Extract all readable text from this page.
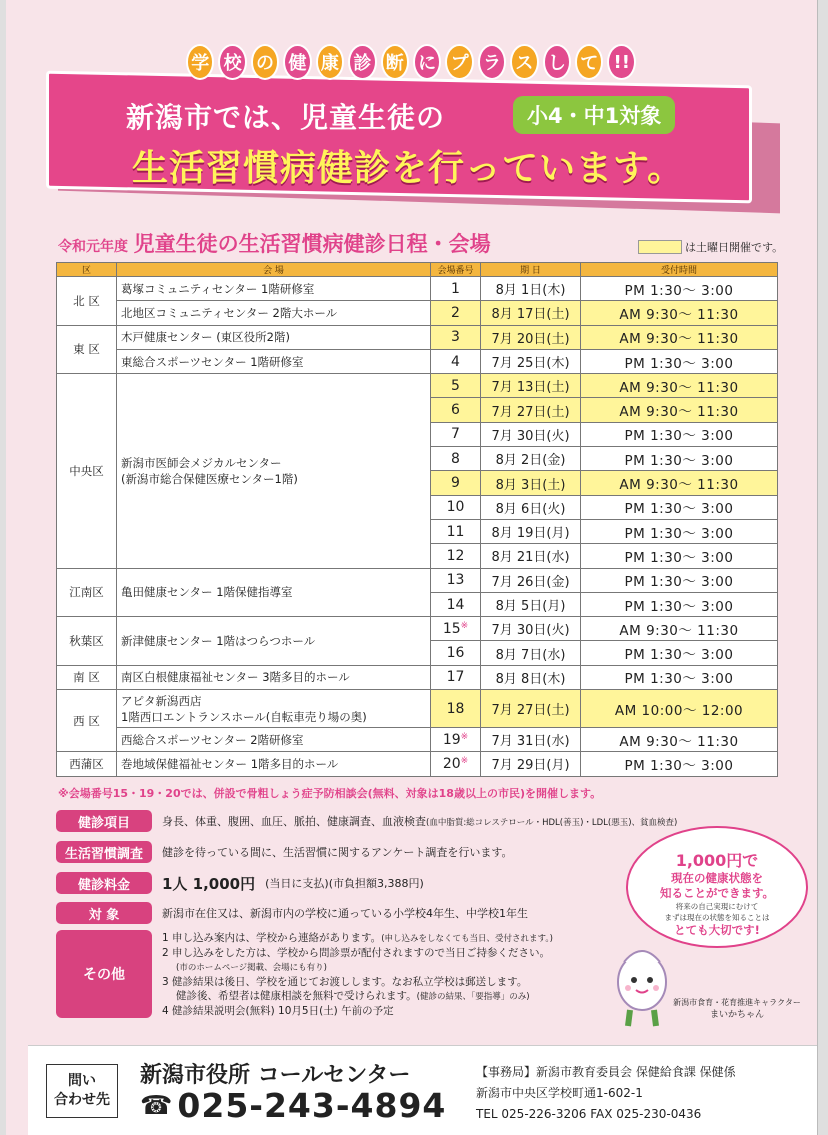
学 校 の 健 康 診 断 に プ ラ ス し て !!
新潟市では、児童生徒の	小4・中1対象
生活習慣病健診を行っています。
令和元年度 児童生徒の生活習慣病健診日程・会場	は土曜日開催です。
区	会 場	会場番号	期 日	受付時間
北 区	葛塚コミュニティセンター 1階研修室	1	8月 1日(木)	PM 1:30～ 3:00

	北地区コミュニティセンター 2階大ホール	2	8月 17日(土)	AM 9:30～ 11:30
東 区	木戸健康センター (東区役所2階)	3	7月 20日(土)	AM 9:30～ 11:30

	東総合スポーツセンター 1階研修室	4	7月 25日(木)	PM 1:30～ 3:00
中央区	新潟市医師会メジカルセンター
(新潟市総合保健医療センター1階)	5	7月 13日(土)	AM 9:30～ 11:30
		6	7月 27日(土)	AM 9:30～ 11:30
		7	7月 30日(火)	PM 1:30～ 3:00
		8	8月 2日(金)	PM 1:30～ 3:00
		9	8月 3日(土)	AM 9:30～ 11:30
		10	8月 6日(火)	PM 1:30～ 3:00
		11	8月 19日(月)	PM 1:30～ 3:00
		12	8月 21日(水)	PM 1:30～ 3:00
江南区	亀田健康センター 1階保健指導室	13	7月 26日(金)	PM 1:30～ 3:00
		14	8月 5日(月)	PM 1:30～ 3:00
秋葉区	新津健康センター 1階はつらつホール	15※	7月 30日(火)	AM 9:30～ 11:30
		16	8月 7日(水)	PM 1:30～ 3:00
南 区	南区白根健康福祉センター 3階多目的ホール	17	8月 8日(木)	PM 1:30～ 3:00
西 区	アピタ新潟西店
1階西口エントランスホール(自転車売り場の奥)	18	7月 27日(土)	AM 10:00～ 12:00

	西総合スポーツセンター 2階研修室	19※	7月 31日(水)	AM 9:30～ 11:30
西蒲区	巻地域保健福祉センター 1階多目的ホール	20※	7月 29日(月)	PM 1:30～ 3:00
※会場番号15・19・20では、併設で骨粗しょう症予防相談会(無料、対象は18歳以上の市民)を開催します。
健診項目	身長、体重、腹囲、血圧、脈拍、健康調査、血液検査(血中脂質:総コレステロール・HDL(善玉)・LDL(悪玉)、貧血検査)
生活習慣調査	健診を待っている間に、生活習慣に関するアンケート調査を行います。
健診料金	1人 1,000円 (当日に支払)(市負担額3,388円)
対 象	新潟市在住又は、新潟市内の学校に通っている小学校4年生、中学校1年生
その他
1 申し込み案内は、学校から連絡があります。(申し込みをしなくても当日、受付されます。)
2 申し込みをした方は、学校から問診票が配付されますので当日ご持参ください。
(市のホームページ掲載、会場にも有り)
3 健診結果は後日、学校を通じてお渡しします。なお私立学校は郵送します。
健診後、希望者は健康相談を無料で受けられます。(健診の結果、「要指導」のみ)
4 健診結果説明会(無料) 10月5日(土) 午前の予定
1,000円で
現在の健康状態を
知ることができます。
将来の自己実現にむけて
まずは現在の状態を知ることは
とても大切です!
新潟市食育・花育推進キャラクター
まいかちゃん
問い
合わせ先
新潟市役所 コールセンター
☎ 025-243-4894
【事務局】新潟市教育委員会 保健給食課 保健係
新潟市中央区学校町通1-602-1
TEL 025-226-3206 FAX 025-230-0436
